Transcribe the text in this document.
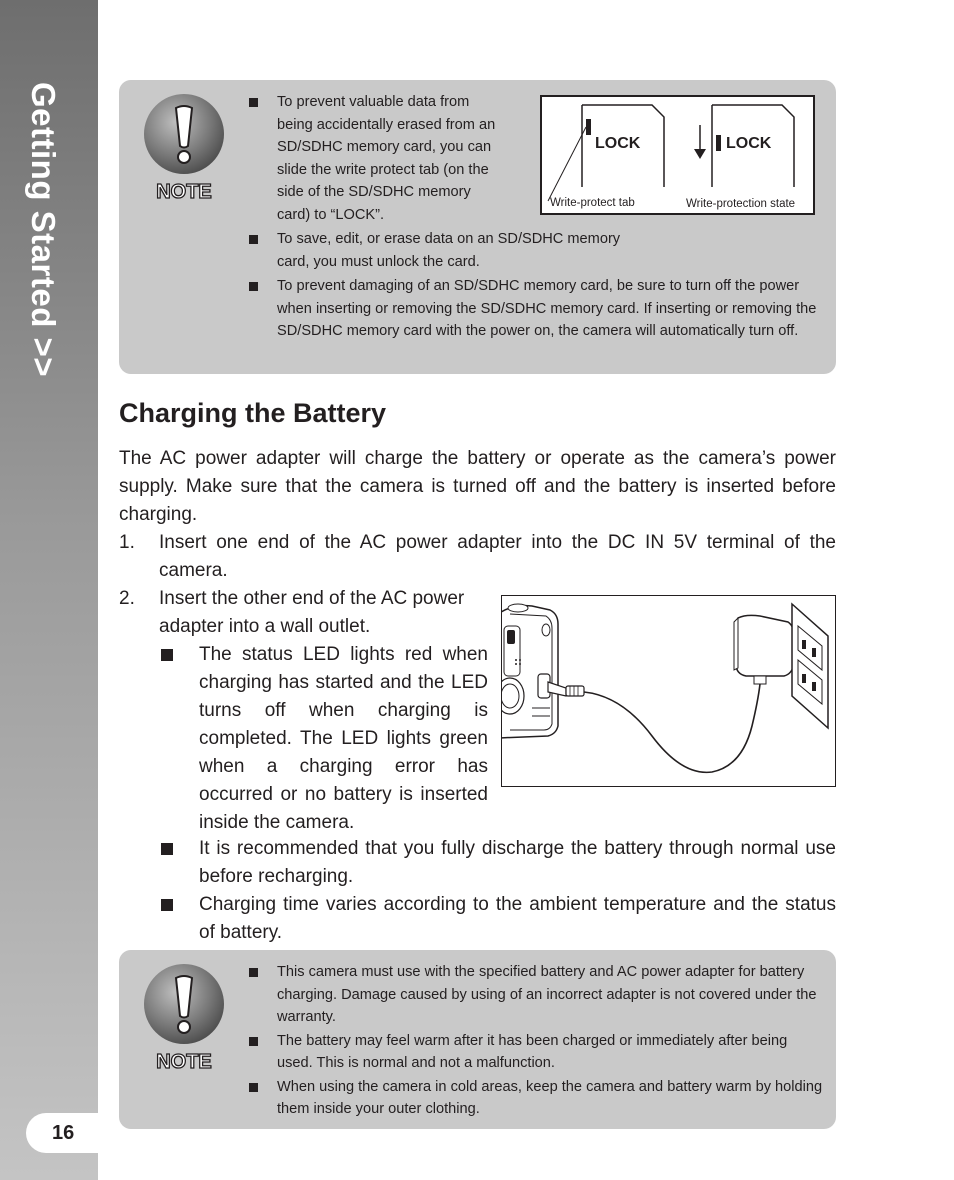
Getting Started >>
16
NOTE
To prevent valuable data from being accidentally erased from an SD/SDHC memory card, you can slide the write protect tab (on the side of the SD/SDHC memory card) to “LOCK”.
To save, edit, or erase data on an SD/SDHC memory card, you must unlock the card.
To prevent damaging of an SD/SDHC memory card, be sure to turn off the power when inserting or removing the SD/SDHC memory card. If inserting or removing the SD/SDHC memory card with the power on, the camera will automatically turn off.
LOCK	LOCK
Write-protect tab	Write-protection state
Charging the Battery
The AC power adapter will charge the battery or operate as the camera’s power supply. Make sure that the camera is turned off and the battery is inserted before charging.
1. Insert one end of the AC power adapter into the DC IN 5V terminal of the camera.
2. Insert the other end of the AC power adapter into a wall outlet.
The status LED lights red when charging has started and the LED turns off when charging is completed. The LED lights green when a charging error has occurred or no battery is inserted inside the camera.
It is recommended that you fully discharge the battery through normal use before recharging.
Charging time varies according to the ambient temperature and the status of battery.
NOTE
This camera must use with the specified battery and AC power adapter for battery charging. Damage caused by using of an incorrect adapter is not covered under the warranty.
The battery may feel warm after it has been charged or immediately after being used. This is normal and not a malfunction.
When using the camera in cold areas, keep the camera and battery warm by holding them inside your outer clothing.
